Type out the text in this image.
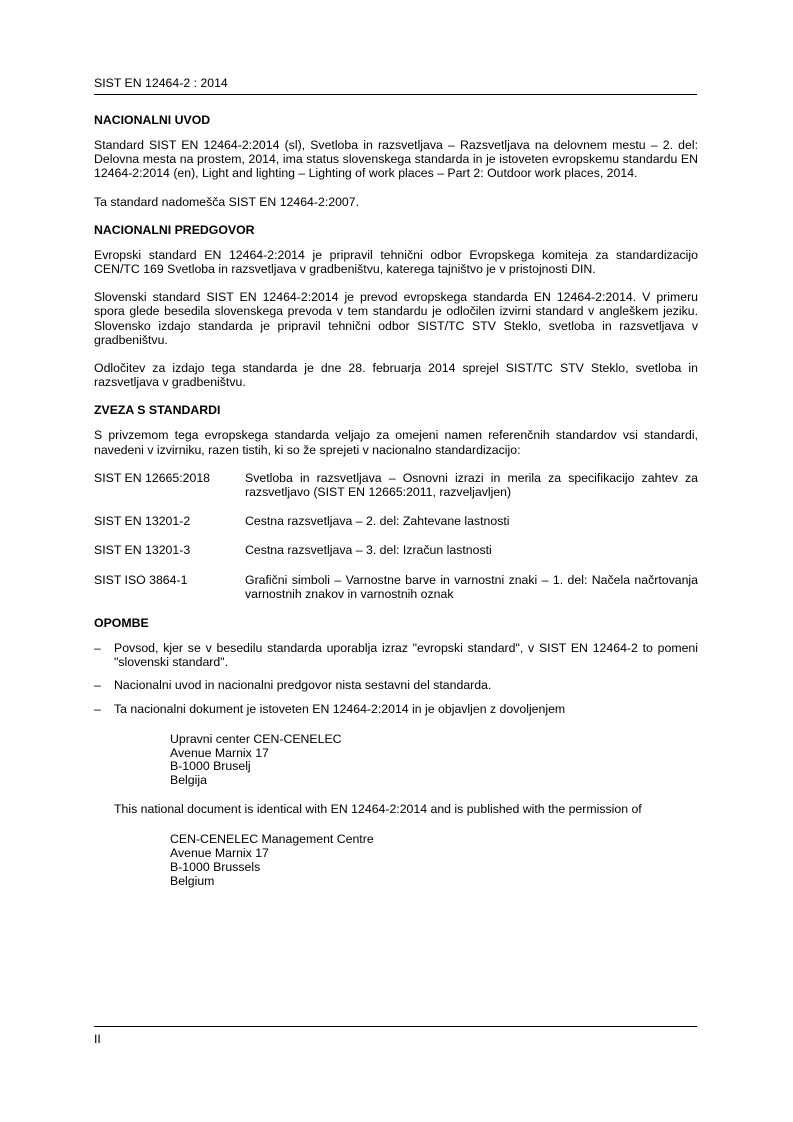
SIST EN 12464-2 : 2014
NACIONALNI UVOD

Standard SIST EN 12464-2:2014 (sl), Svetloba in razsvetljava – Razsvetljava na delovnem mestu – 2. del: Delovna mesta na prostem, 2014, ima status slovenskega standarda in je istoveten evropskemu standardu EN 12464-2:2014 (en), Light and lighting – Lighting of work places – Part 2: Outdoor work places, 2014.

Ta standard nadomešča SIST EN 12464-2:2007.

NACIONALNI PREDGOVOR

Evropski standard EN 12464-2:2014 je pripravil tehnični odbor Evropskega komiteja za standardizacijo CEN/TC 169 Svetloba in razsvetljava v gradbeništvu, katerega tajništvo je v pristojnosti DIN.

Slovenski standard SIST EN 12464-2:2014 je prevod evropskega standarda EN 12464-2:2014. V primeru spora glede besedila slovenskega prevoda v tem standardu je odločilen izvirni standard v angleškem jeziku. Slovensko izdajo standarda je pripravil tehnični odbor SIST/TC STV Steklo, svetloba in razsvetljava v gradbeništvu.

Odločitev za izdajo tega standarda je dne 28. februarja 2014 sprejel SIST/TC STV Steklo, svetloba in razsvetljava v gradbeništvu.

ZVEZA S STANDARDI

S privzemom tega evropskega standarda veljajo za omejeni namen referenčnih standardov vsi standardi, navedeni v izvirniku, razen tistih, ki so že sprejeti v nacionalno standardizacijo:

SIST EN 12665:2018	Svetloba in razsvetljava – Osnovni izrazi in merila za specifikacijo zahtev za razsvetljavo (SIST EN 12665:2011, razveljavljen)
SIST EN 13201-2	Cestna razsvetljava – 2. del: Zahtevane lastnosti
SIST EN 13201-3	Cestna razsvetljava – 3. del: Izračun lastnosti
SIST ISO 3864-1	Grafični simboli – Varnostne barve in varnostni znaki – 1. del: Načela načrtovanja varnostnih znakov in varnostnih oznak
OPOMBE
– Povsod, kjer se v besedilu standarda uporablja izraz "evropski standard", v SIST EN 12464-2 to pomeni "slovenski standard".
– Nacionalni uvod in nacionalni predgovor nista sestavni del standarda.
– Ta nacionalni dokument je istoveten EN 12464-2:2014 in je objavljen z dovoljenjem
Upravni center CEN-CENELEC
Avenue Marnix 17
B-1000 Bruselj
Belgija
This national document is identical with EN 12464-2:2014 and is published with the permission of
CEN-CENELEC Management Centre
Avenue Marnix 17
B-1000 Brussels
Belgium
II
